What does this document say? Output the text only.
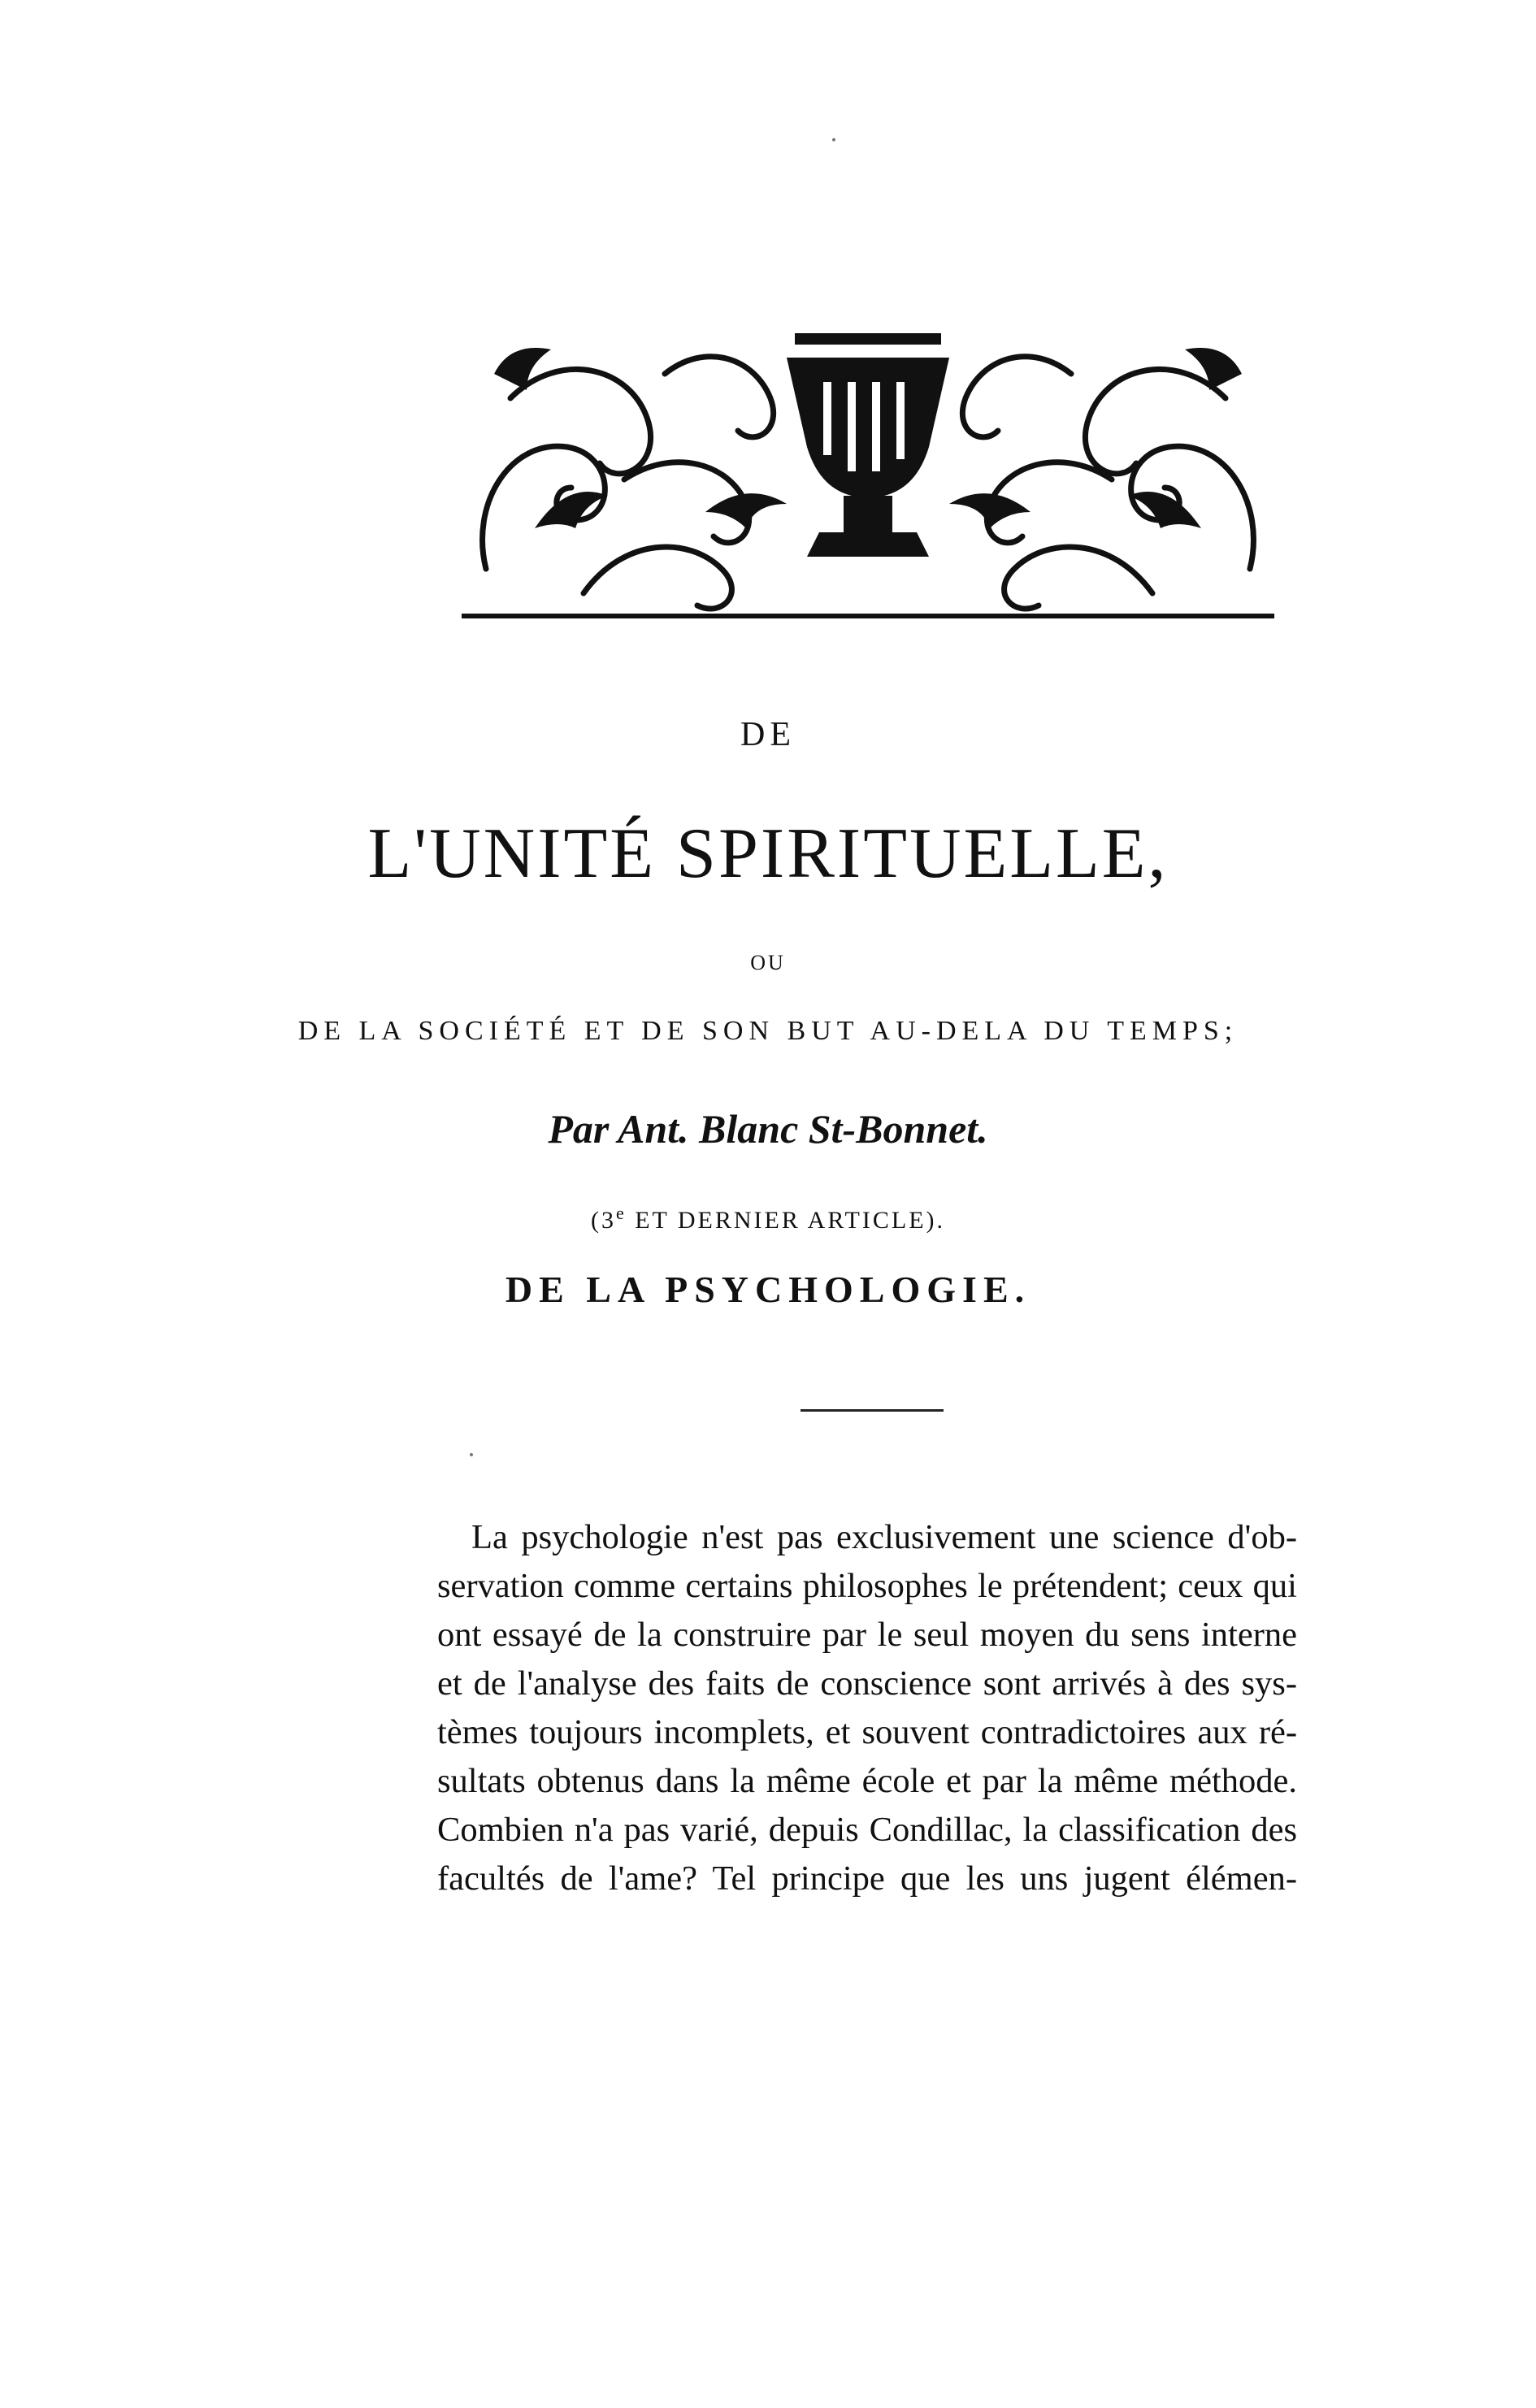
DE
L'UNITÉ SPIRITUELLE,
OU
DE LA SOCIÉTÉ ET DE SON BUT AU-DELA DU TEMPS;
Par Ant. Blanc St-Bonnet.
(3e ET DERNIER ARTICLE).
DE LA PSYCHOLOGIE.
La psychologie n'est pas exclusivement une science d'ob-
servation comme certains philosophes le prétendent; ceux qui
ont essayé de la construire par le seul moyen du sens interne
et de l'analyse des faits de conscience sont arrivés à des sys-
tèmes toujours incomplets, et souvent contradictoires aux ré-
sultats obtenus dans la même école et par la même méthode.
Combien n'a pas varié, depuis Condillac, la classification des
facultés de l'ame? Tel principe que les uns jugent élémen-
